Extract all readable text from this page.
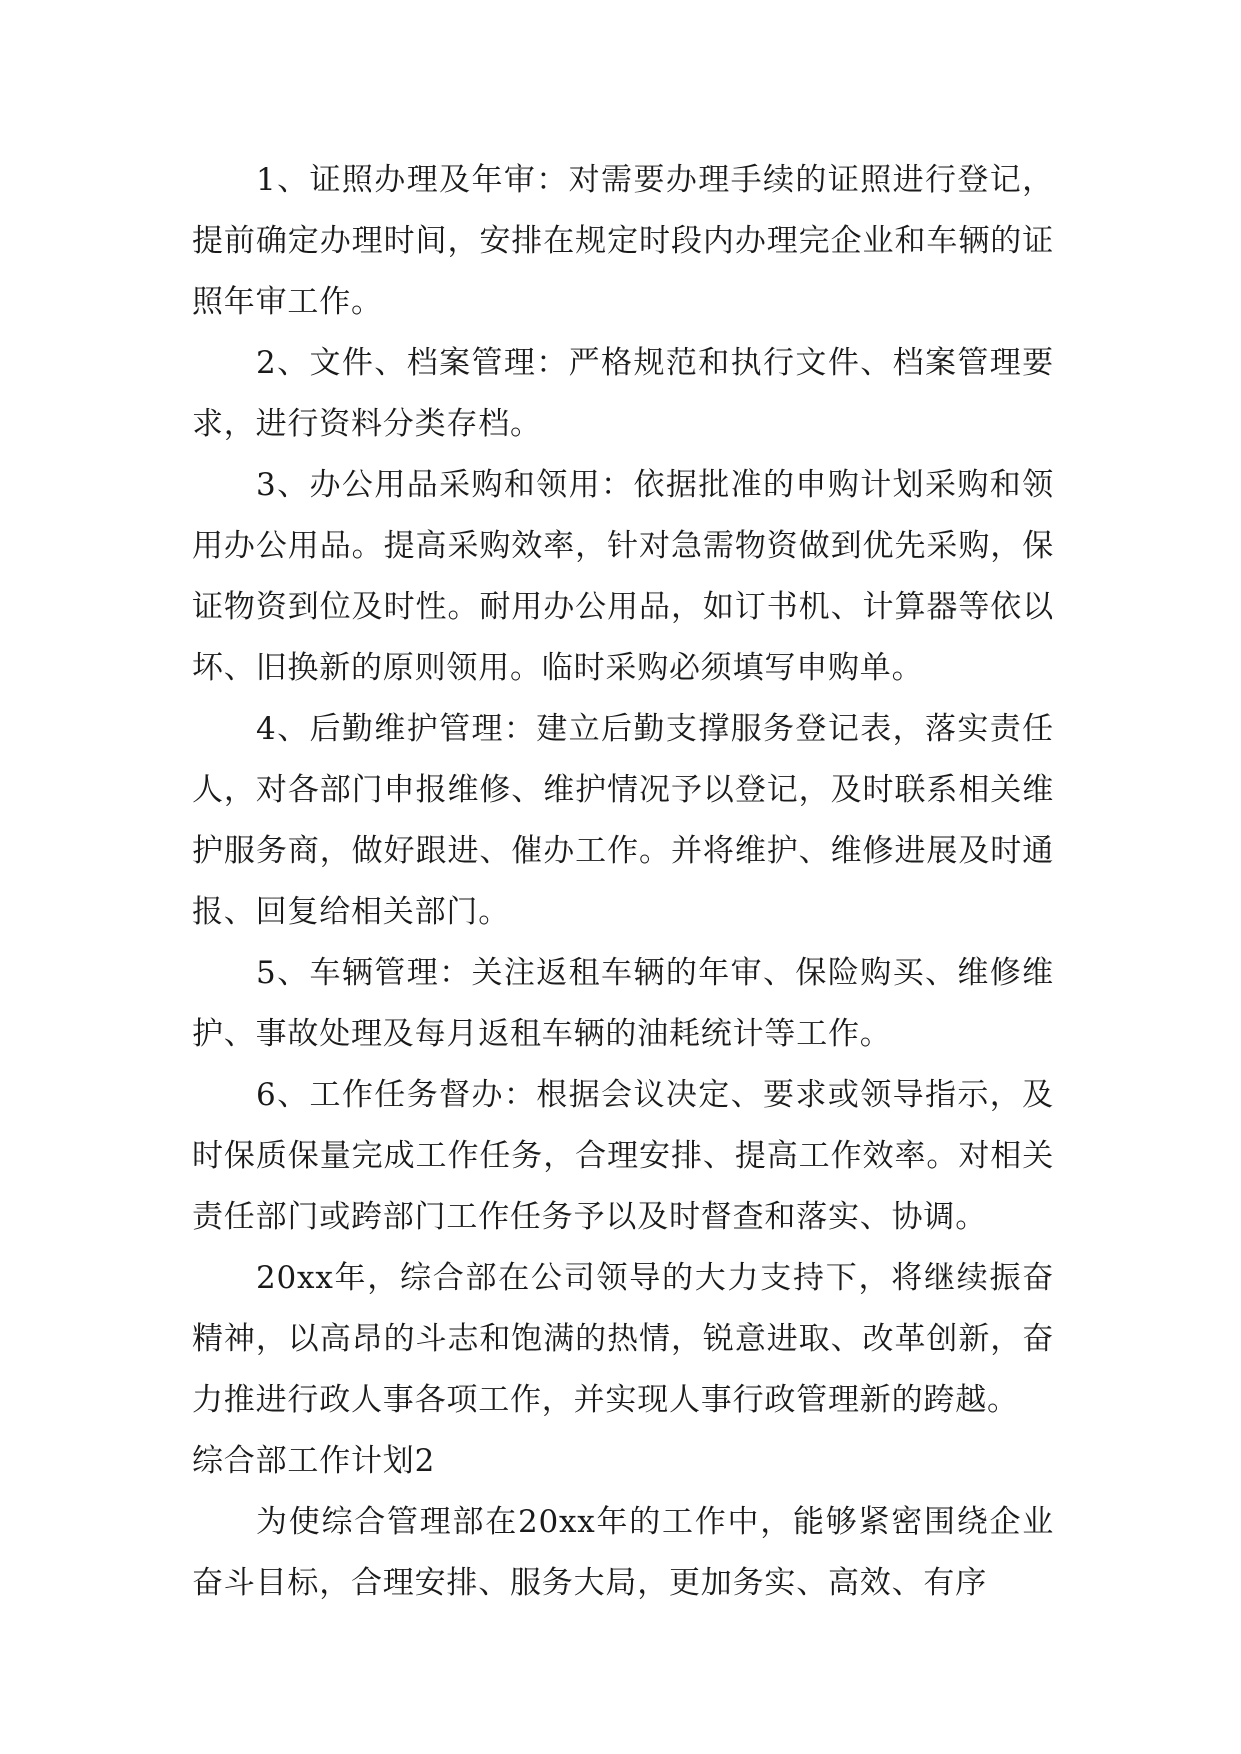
1、证照办理及年审：对需要办理手续的证照进行登记，提前确定办理时间，安排在规定时段内办理完企业和车辆的证照年审工作。

2、文件、档案管理：严格规范和执行文件、档案管理要求，进行资料分类存档。

3、办公用品采购和领用：依据批准的申购计划采购和领用办公用品。提高采购效率，针对急需物资做到优先采购，保证物资到位及时性。耐用办公用品，如订书机、计算器等依以坏、旧换新的原则领用。临时采购必须填写申购单。

4、后勤维护管理：建立后勤支撑服务登记表，落实责任人，对各部门申报维修、维护情况予以登记，及时联系相关维护服务商，做好跟进、催办工作。并将维护、维修进展及时通报、回复给相关部门。

5、车辆管理：关注返租车辆的年审、保险购买、维修维护、事故处理及每月返租车辆的油耗统计等工作。

6、工作任务督办：根据会议决定、要求或领导指示，及时保质保量完成工作任务，合理安排、提高工作效率。对相关责任部门或跨部门工作任务予以及时督查和落实、协调。

20xx年，综合部在公司领导的大力支持下，将继续振奋精神，以高昂的斗志和饱满的热情，锐意进取、改革创新，奋力推进行政人事各项工作，并实现人事行政管理新的跨越。

综合部工作计划2

为使综合管理部在20xx年的工作中，能够紧密围绕企业奋斗目标，合理安排、服务大局，更加务实、高效、有序
